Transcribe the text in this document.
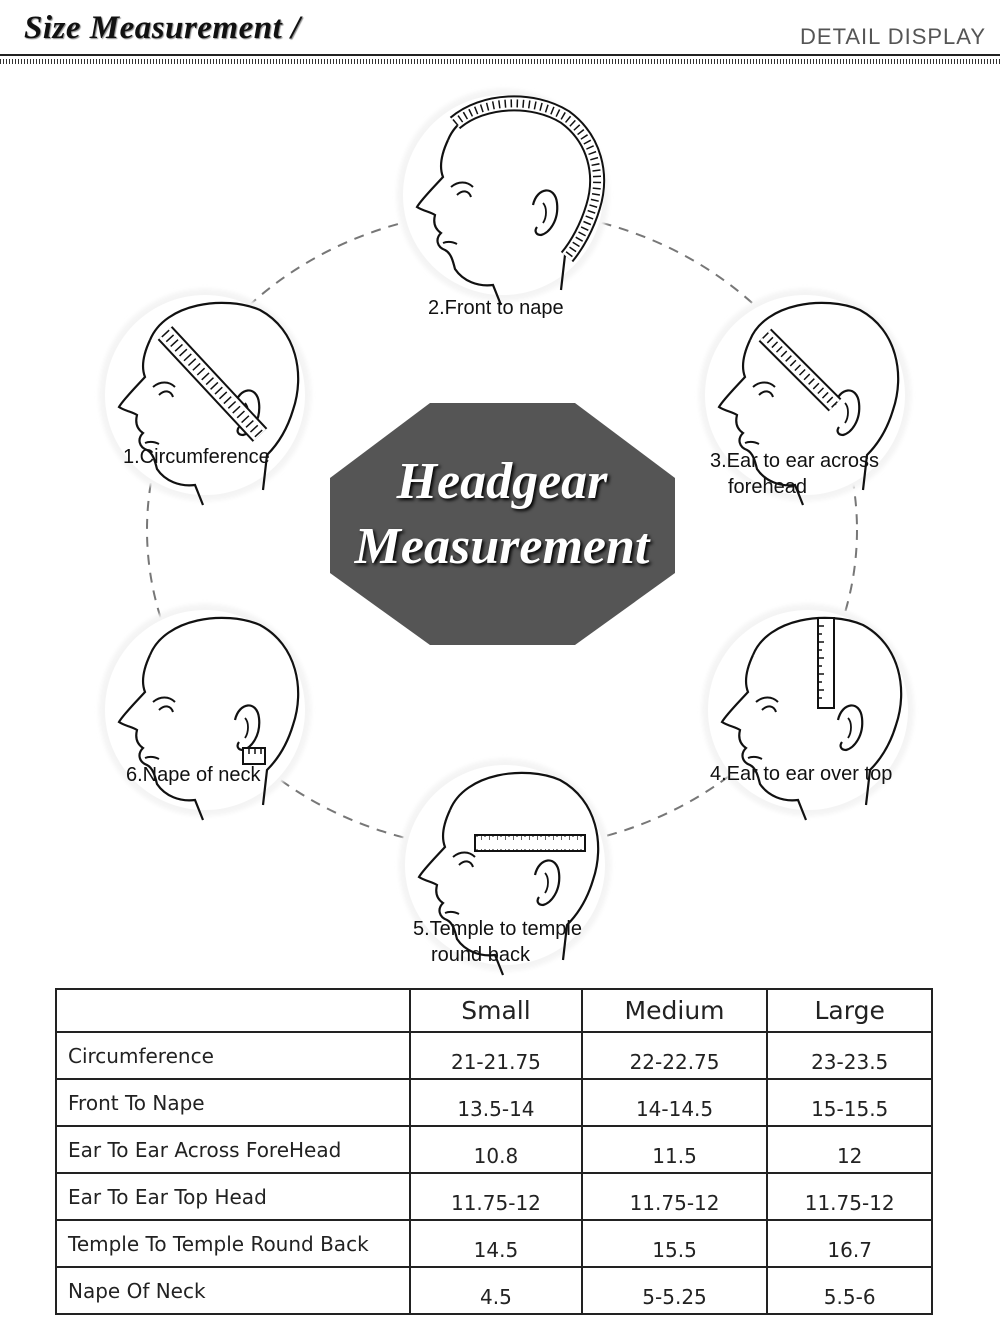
Size Measurement /	DETAIL DISPLAY
Headgear
Measurement
1.Circumference
2.Front to nape
3.Ear to ear across
forehead
4.Ear to ear over top
5.Temple to temple
round back
6.Nape of neck
	Small	Medium	Large
Circumference	21-21.75	22-22.75	23-23.5
Front To Nape	13.5-14	14-14.5	15-15.5
Ear To Ear Across ForeHead	10.8	11.5	12
Ear To Ear Top Head	11.75-12	11.75-12	11.75-12
Temple To Temple Round Back	14.5	15.5	16.7
Nape Of Neck	4.5	5-5.25	5.5-6
